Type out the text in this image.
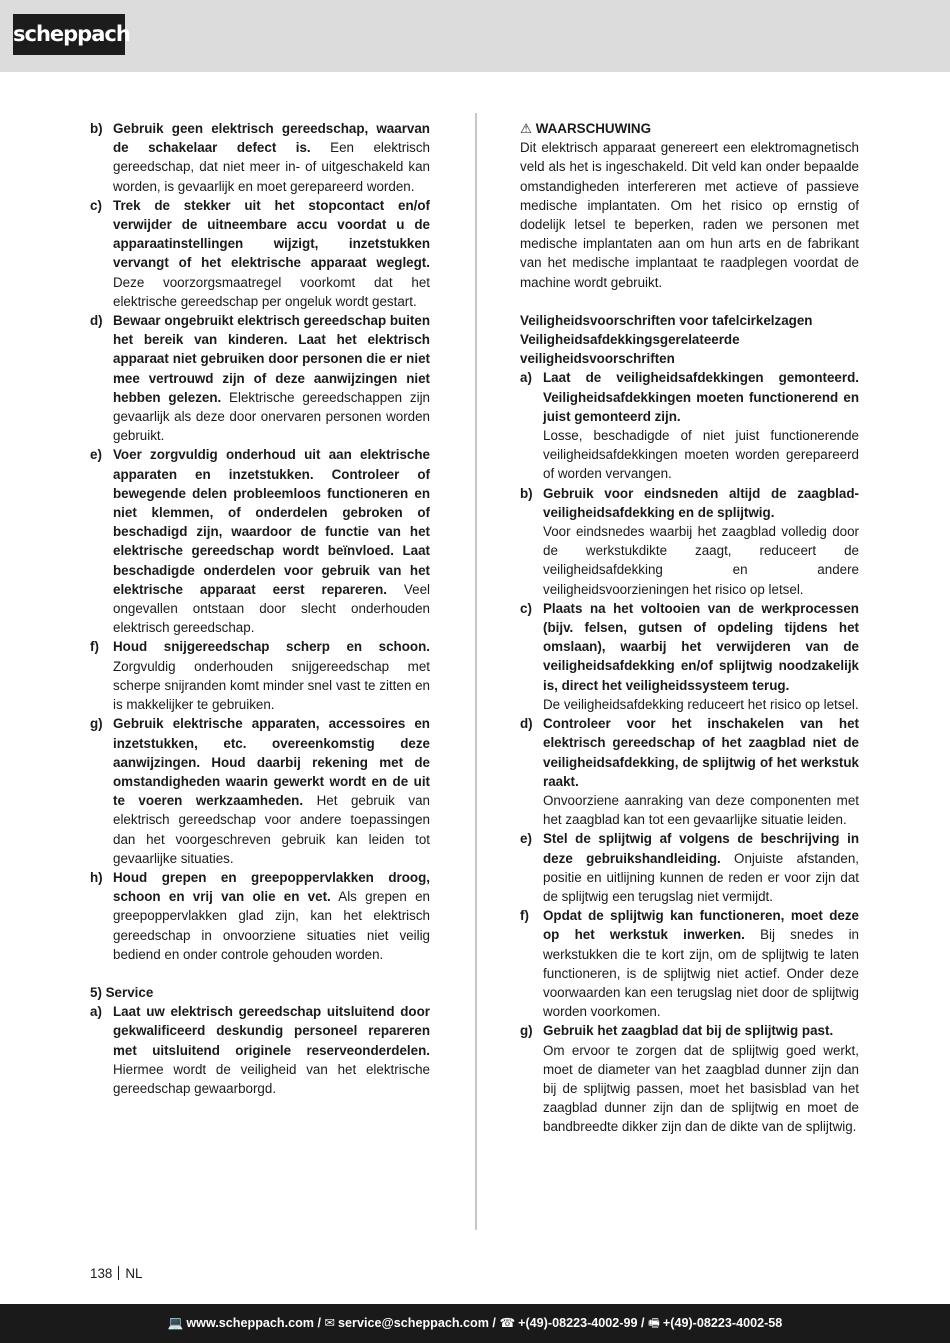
scheppach
b) Gebruik geen elektrisch gereedschap, waarvan de schakelaar defect is. Een elektrisch gereedschap, dat niet meer in- of uitgeschakeld kan worden, is gevaarlijk en moet gerepareerd worden.
c) Trek de stekker uit het stopcontact en/of verwijder de uitneembare accu voordat u de apparaatinstellingen wijzigt, inzetstukken vervangt of het elektrische apparaat weglegt. Deze voorzorgsmaatregel voorkomt dat het elektrische gereedschap per ongeluk wordt gestart.
d) Bewaar ongebruikt elektrisch gereedschap buiten het bereik van kinderen. Laat het elektrisch apparaat niet gebruiken door personen die er niet mee vertrouwd zijn of deze aanwijzingen niet hebben gelezen. Elektrische gereedschappen zijn gevaarlijk als deze door onervaren personen worden gebruikt.
e) Voer zorgvuldig onderhoud uit aan elektrische apparaten en inzetstukken. Controleer of bewegende delen probleemloos functioneren en niet klemmen, of onderdelen gebroken of beschadigd zijn, waardoor de functie van het elektrische gereedschap wordt beïnvloed. Laat beschadigde onderdelen voor gebruik van het elektrische apparaat eerst repareren. Veel ongevallen ontstaan door slecht onderhouden elektrisch gereedschap.
f)	Houd snijgereedschap scherp en schoon. Zorgvuldig onderhouden snijgereedschap met scherpe snijranden komt minder snel vast te zitten en is makkelijker te gebruiken.
g) Gebruik elektrische apparaten, accessoires en inzetstukken, etc. overeenkomstig deze aanwijzingen. Houd daarbij rekening met de omstandigheden waarin gewerkt wordt en de uit te voeren werkzaamheden. Het gebruik van elektrisch gereedschap voor andere toepassingen dan het voorgeschreven gebruik kan leiden tot gevaarlijke situaties.
h) Houd grepen en greepoppervlakken droog, schoon en vrij van olie en vet. Als grepen en greepoppervlakken glad zijn, kan het elektrisch gereedschap in onvoorziene situaties niet veilig bediend en onder controle gehouden worden.
5) Service
a) Laat uw elektrisch gereedschap uitsluitend door gekwalificeerd deskundig personeel repareren met uitsluitend originele reserveonderdelen. Hiermee wordt de veiligheid van het elektrische gereedschap gewaarborgd.
⚠ WAARSCHUWING
Dit elektrisch apparaat genereert een elektromagnetisch veld als het is ingeschakeld. Dit veld kan onder bepaalde omstandigheden interfereren met actieve of passieve medische implantaten. Om het risico op ernstig of dodelijk letsel te beperken, raden we personen met medische implantaten aan om hun arts en de fabrikant van het medische implantaat te raadplegen voordat de machine wordt gebruikt.
Veiligheidsvoorschriften voor tafelcirkelzagen
Veiligheidsafdekkingsgerelateerde veiligheidsvoorschriften
a) Laat de veiligheidsafdekkingen gemonteerd. Veiligheidsafdekkingen moeten functionerend en juist gemonteerd zijn.
Losse, beschadigde of niet juist functionerende veiligheidsafdekkingen moeten worden gerepareerd of worden vervangen.
b) Gebruik voor eindsneden altijd de zaagblad-veiligheidsafdekking en de splijtwig.
Voor eindsnedes waarbij het zaagblad volledig door de werkstukdikte zaagt, reduceert de veiligheidsafdekking en andere veiligheidsvoorzieningen het risico op letsel.
c) Plaats na het voltooien van de werkprocessen (bijv. felsen, gutsen of opdeling tijdens het omslaan), waarbij het verwijderen van de veiligheidsafdekking en/of splijtwig noodzakelijk is, direct het veiligheidssysteem terug.
De veiligheidsafdekking reduceert het risico op letsel.
d) Controleer voor het inschakelen van het elektrisch gereedschap of het zaagblad niet de veiligheidsafdekking, de splijtwig of het werkstuk raakt.
Onvoorziene aanraking van deze componenten met het zaagblad kan tot een gevaarlijke situatie leiden.
e) Stel de splijtwig af volgens de beschrijving in deze gebruikshandleiding. Onjuiste afstanden, positie en uitlijning kunnen de reden er voor zijn dat de splijtwig een terugslag niet vermijdt.
f)	Opdat de splijtwig kan functioneren, moet deze op het werkstuk inwerken. Bij snedes in werkstukken die te kort zijn, om de splijtwig te laten functioneren, is de splijtwig niet actief. Onder deze voorwaarden kan een terugslag niet door de splijtwig worden voorkomen.
g) Gebruik het zaagblad dat bij de splijtwig past.
Om ervoor te zorgen dat de splijtwig goed werkt, moet de diameter van het zaagblad dunner zijn dan bij de splijtwig passen, moet het basisblad van het zaagblad dunner zijn dan de splijtwig en moet de bandbreedte dikker zijn dan de dikte van de splijtwig.
138 NL
💻 www.scheppach.com / ✉ service@scheppach.com / ☎ +(49)-08223-4002-99 / 🖷 +(49)-08223-4002-58
